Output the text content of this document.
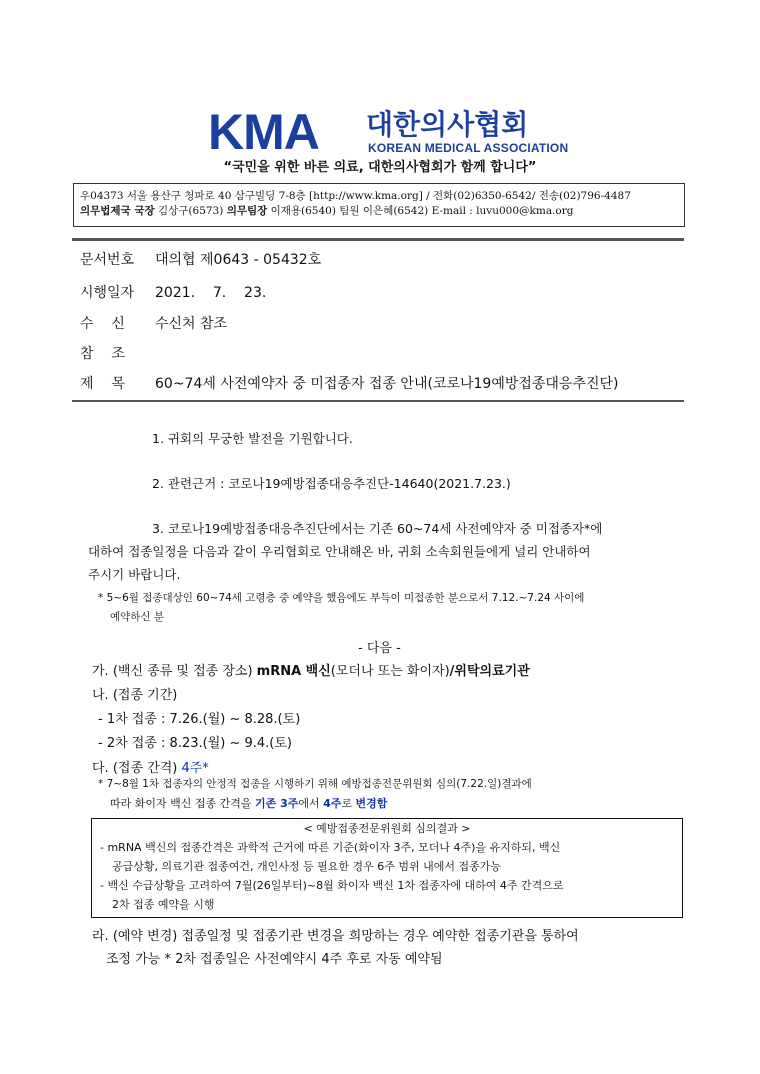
KMA 대한의사협회
KOREAN MEDICAL ASSOCIATION
“국민을 위한 바른 의료, 대한의사협회가 함께 합니다”
우04373 서울 용산구 청파로 40 삼구빌딩 7-8층 [http://www.kma.org] / 전화(02)6350-6542/ 전송(02)796-4487
의무법제국 국장 김상구(6573) 의무팀장 이재용(6540) 팀원 이은혜(6542) E-mail : luvu000@kma.org
문서번호 대의협 제0643 - 05432호
시행일자 2021.    7.    23.
수    신 수신처 참조
참    조
제    목 60~74세 사전예약자 중 미접종자 접종 안내(코로나19예방접종대응추진단)
1. 귀회의 무궁한 발전을 기원합니다.
2. 관련근거 : 코로나19예방접종대응추진단-14640(2021.7.23.)
3. 코로나19예방접종대응추진단에서는 기존 60~74세 사전예약자 중 미접종자*에
대하여 접종일정을 다음과 같이 우리협회로 안내해온 바, 귀회 소속회원들에게 널리 안내하여
주시기 바랍니다.
* 5~6월 접종대상인 60~74세 고령층 중 예약을 했음에도 부득이 미접종한 분으로서 7.12.~7.24 사이에
예약하신 분
- 다음 -
가. (백신 종류 및 접종 장소) mRNA 백신(모더나 또는 화이자)/위탁의료기관
나. (접종 기간)
- 1차 접종 : 7.26.(월) ~ 8.28.(토)
- 2차 접종 : 8.23.(월) ~ 9.4.(토)
다. (접종 간격) 4주*
* 7~8월 1차 접종자의 안정적 접종을 시행하기 위해 예방접종전문위원회 심의(7.22.일)결과에
따라 화이자 백신 접종 간격을 기존 3주에서 4주로 변경함
< 예방접종전문위원회 심의결과 >
- mRNA 백신의 접종간격은 과학적 근거에 따른 기준(화이자 3주, 모더나 4주)을 유지하되, 백신
공급상황, 의료기관 접종여건, 개인사정 등 필요한 경우 6주 범위 내에서 접종가능
- 백신 수급상황을 고려하여 7월(26일부터)~8월 화이자 백신 1차 접종자에 대하여 4주 간격으로
2차 접종 예약을 시행
라. (예약 변경) 접종일정 및 접종기관 변경을 희망하는 경우 예약한 접종기관을 통하여
조정 가능 * 2차 접종일은 사전예약시 4주 후로 자동 예약됨
